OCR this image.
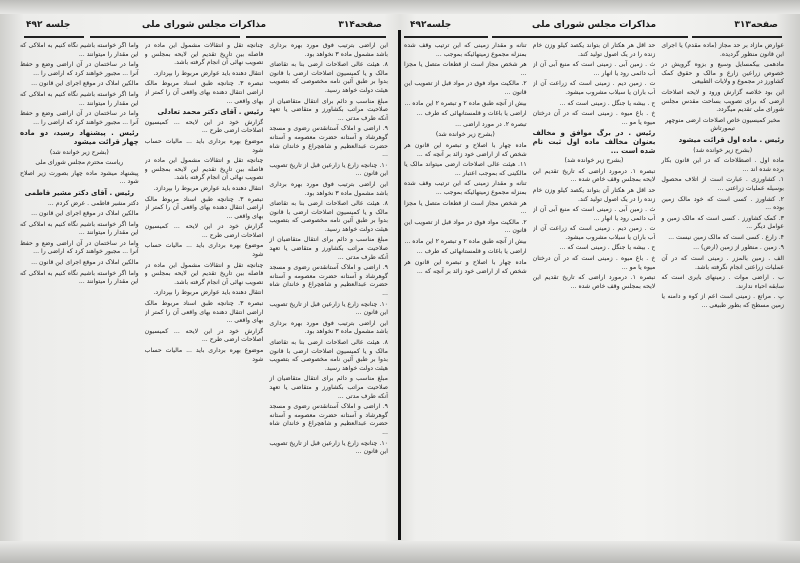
صفحه۳۱۴
مذاکرات مجلس شورای ملی
جلسه ۴۹۲

این اراضی بترتیب فوق مورد بهره برداری باشد مشمول ماده ۳ نخواهد بود.

۸. هیئت عالی اصلاحات ارضی بنا به تقاضای مالک و یا کمیسیون اصلاحات ارضی با قانون بدوا بر طبق آئین نامه مخصوصی که بتصویب هیئت دولت خواهد رسید.

مبلغ مناسب و دائم برای انتقال متقاضیان از صلاحیت مراتب بکشاورز و متقاضی یا تعهد آنکه طرف مدتی ...

۹. اراضی و املاک آستانقدس رضوی و مسجد گوهرشاد و آستانه حضرت معصومه و آستانه حضرت عبدالعظیم و شاهچراغ و خاندان شاه ...

۱۰. چنانچه زارع یا زارعین قبل از تاریخ تصویب این قانون ...

این اراضی بترتیب فوق مورد بهره برداری باشد مشمول ماده ۳ نخواهد بود.

۸. هیئت عالی اصلاحات ارضی بنا به تقاضای مالک و یا کمیسیون اصلاحات ارضی با قانون بدوا بر طبق آئین نامه مخصوصی که بتصویب هیئت دولت خواهد رسید.

مبلغ مناسب و دائم برای انتقال متقاضیان از صلاحیت مراتب بکشاورز و متقاضی یا تعهد آنکه طرف مدتی ...

۹. اراضی و املاک آستانقدس رضوی و مسجد گوهرشاد و آستانه حضرت معصومه و آستانه حضرت عبدالعظیم و شاهچراغ و خاندان شاه ...

۱۰. چنانچه زارع یا زارعین قبل از تاریخ تصویب این قانون ...

این اراضی بترتیب فوق مورد بهره برداری باشد مشمول ماده ۳ نخواهد بود.

۸. هیئت عالی اصلاحات ارضی بنا به تقاضای مالک و یا کمیسیون اصلاحات ارضی با قانون بدوا بر طبق آئین نامه مخصوصی که بتصویب هیئت دولت خواهد رسید.

مبلغ مناسب و دائم برای انتقال متقاضیان از صلاحیت مراتب بکشاورز و متقاضی یا تعهد آنکه طرف مدتی ...

۹. اراضی و املاک آستانقدس رضوی و مسجد گوهرشاد و آستانه حضرت معصومه و آستانه حضرت عبدالعظیم و شاهچراغ و خاندان شاه ...

۱۰. چنانچه زارع یا زارعین قبل از تاریخ تصویب این قانون ...

چنانچه تقل و انتقالات مشمول این ماده در فاصله بین تاریخ تقدیم این لایحه بمجلس و تصویب نهائی آن انجام گرفته باشد.

انتقال دهنده باید عوارض مربوط را بپردازد.

تبصره ۳. چنانچه طبق اسناد مربوط مالک اراضی انتقال دهنده بهای واقعی آن را کمتر از بهای واقعی ...

رئیس . آقای دکتر محمد تعادلی

گزارش خود در این لایحه ... کمیسیون اصلاحات ارضی طرح ...

موضوع بهره برداری باید ... مالیات حساب شود

چنانچه تقل و انتقالات مشمول این ماده در فاصله بین تاریخ تقدیم این لایحه بمجلس و تصویب نهائی آن انجام گرفته باشد.

انتقال دهنده باید عوارض مربوط را بپردازد.

تبصره ۳. چنانچه طبق اسناد مربوط مالک اراضی انتقال دهنده بهای واقعی آن را کمتر از بهای واقعی ...

گزارش خود در این لایحه ... کمیسیون اصلاحات ارضی طرح ...

موضوع بهره برداری باید ... مالیات حساب شود

چنانچه تقل و انتقالات مشمول این ماده در فاصله بین تاریخ تقدیم این لایحه بمجلس و تصویب نهائی آن انجام گرفته باشد.

انتقال دهنده باید عوارض مربوط را بپردازد.

تبصره ۳. چنانچه طبق اسناد مربوط مالک اراضی انتقال دهنده بهای واقعی آن را کمتر از بهای واقعی ...

گزارش خود در این لایحه ... کمیسیون اصلاحات ارضی طرح ...

موضوع بهره برداری باید ... مالیات حساب شود

واما اگر خواسته باشیم نگاه کنیم به املاکی که این مقدار را میتوانند ...

واما در ساختمان در آن اراضی وضع و حفظ آنرا ... مجبور خواهند کرد که اراضی را ...

مالکین املاک در موقع اجرای این قانون ...

واما اگر خواسته باشیم نگاه کنیم به املاکی که این مقدار را میتوانند ...

واما در ساختمان در آن اراضی وضع و حفظ آنرا ... مجبور خواهند کرد که اراضی را ...

رئیس . پیشنهاد رسید، دو ماده چهار قرائت میشود

(بشرح زیر خوانده شد)

ریاست محترم مجلس شورای ملی

پیشنهاد میشود ماده چهار بصورت زیر اصلاح شود ...

رئیس . آقای دکتر مشیر فاطمی

دکتر مشیر فاطمی . عرض کردم ...

مالکین املاک در موقع اجرای این قانون ...

واما اگر خواسته باشیم نگاه کنیم به املاکی که این مقدار را میتوانند ...

واما در ساختمان در آن اراضی وضع و حفظ آنرا ... مجبور خواهند کرد که اراضی را ...

مالکین املاک در موقع اجرای این قانون ...

واما اگر خواسته باشیم نگاه کنیم به املاکی که این مقدار را میتوانند ...

صفحه۳۱۳
مذاکرات مجلس شورای ملی
جلسه۴۹۲

عوارض مازاد بر حد مجاز (ماده مقدم) یا اجرای این قانون منظور گردیده.

مادهمی بیکمسایل وسیع و بزوه گرویش در خصوص زراعین زارع و مالک و حقوق کمک کشاورز در مجموع و ولایات الطبیعی

این بود خلاصه گزارش ورود و لایحه اصلاحات ارضی که برای تصویب بساحت مقدس مجلس شورای ملی تقدیم میگردد.

مخبر کمیسیون خاص اصلاحات ارضی منوچهر تیمورتاش

رئیس . ماده اول قرائت میشود

(بشرح زیر خوانده شد)

ماده اول . اصطلاحات که در این قانون بکار برده شده اند ...

۱. کشاورزی . عبارت است از اتلاف محصول بوسیله عملیات زراعتی ...

۲. کشاورز . کسی است که خود مالک زمین بوده ...

۳. کمک کشاورز . کسی است که مالک زمین و عوامل دیگر ...

۴. زارع . کسی است که مالک زمین نیست ...

۹. زمین . منظور از زمین (ارض) ...

الف . زمین بالمزر . زمینی است که در آن عملیات زراعتی انجام نگرفته باشد.

ب . اراضی موات . زمینهای بایری است که سابقه احیاء ندارند.

پ . مراتع . زمینی است اعم از کوه و دامنه یا زمین مسطح که بطور طبیعی ...

حد اقل هر هکتار آن بتواند یکصد کیلو وزن خام زنده را در یک اصول تولید کند.

ث . زمین آبی . زمینی است که منبع آبی آن از آب دائمی رود یا انهار ...

ت . زمین دیم . زمینی است که زراعت آن از آب باران یا سیلاب مشروب میشود.

ح . بیشه یا جنگل . زمینی است که ...

خ . باغ میوه . زمینی است که در آن درختان میوه یا مو ...

رئیس . در برگ موافق و مخالف بعنوان مخالف ماده اول ثبت نام شده است ...

(بشرح زیر خوانده شد)

تبصره ۱. درمورد اراضی که تاریخ تقدیم این لایحه بمجلس وقف خاص شده ...

حد اقل هر هکتار آن بتواند یکصد کیلو وزن خام زنده را در یک اصول تولید کند.

ث . زمین آبی . زمینی است که منبع آبی آن از آب دائمی رود یا انهار ...

ت . زمین دیم . زمینی است که زراعت آن از آب باران یا سیلاب مشروب میشود.

ح . بیشه یا جنگل . زمینی است که ...

خ . باغ میوه . زمینی است که در آن درختان میوه یا مو ...

تبصره ۱. درمورد اراضی که تاریخ تقدیم این لایحه بمجلس وقف خاص شده ...

تنانه و مقدار زمینی که این ترتیب وقف شده بمنزله مجموع زمینهائیکه بموجب ...

هر شخص مجاز است از قطعات متصل یا مجزا ...

۲. مالکیت مواد فوق در مواد قبل از تصویب این قانون ...

بیش از آنچه طبق ماده ۲ و تبصره ۲ این ماده ...

اراضی یا باغات و قلمستانهائی که طرف ...

تبصره ۲. در مورد اراضی ...

(بشرح زیر خوانده شد)

ماده چهار با اصلاح و تبصره این قانون هر شخص که از اراضی خود زائد بر آنچه که ...

۱۱. هیئت عالی اصلاحات ارضی میتواند مالک یا مالکینی که بموجب اعتبار ...

تنانه و مقدار زمینی که این ترتیب وقف شده بمنزله مجموع زمینهائیکه بموجب ...

هر شخص مجاز است از قطعات متصل یا مجزا ...

۲. مالکیت مواد فوق در مواد قبل از تصویب این قانون ...

بیش از آنچه طبق ماده ۲ و تبصره ۲ این ماده ...

اراضی یا باغات و قلمستانهائی که طرف ...

ماده چهار با اصلاح و تبصره این قانون هر شخص که از اراضی خود زائد بر آنچه که ...
